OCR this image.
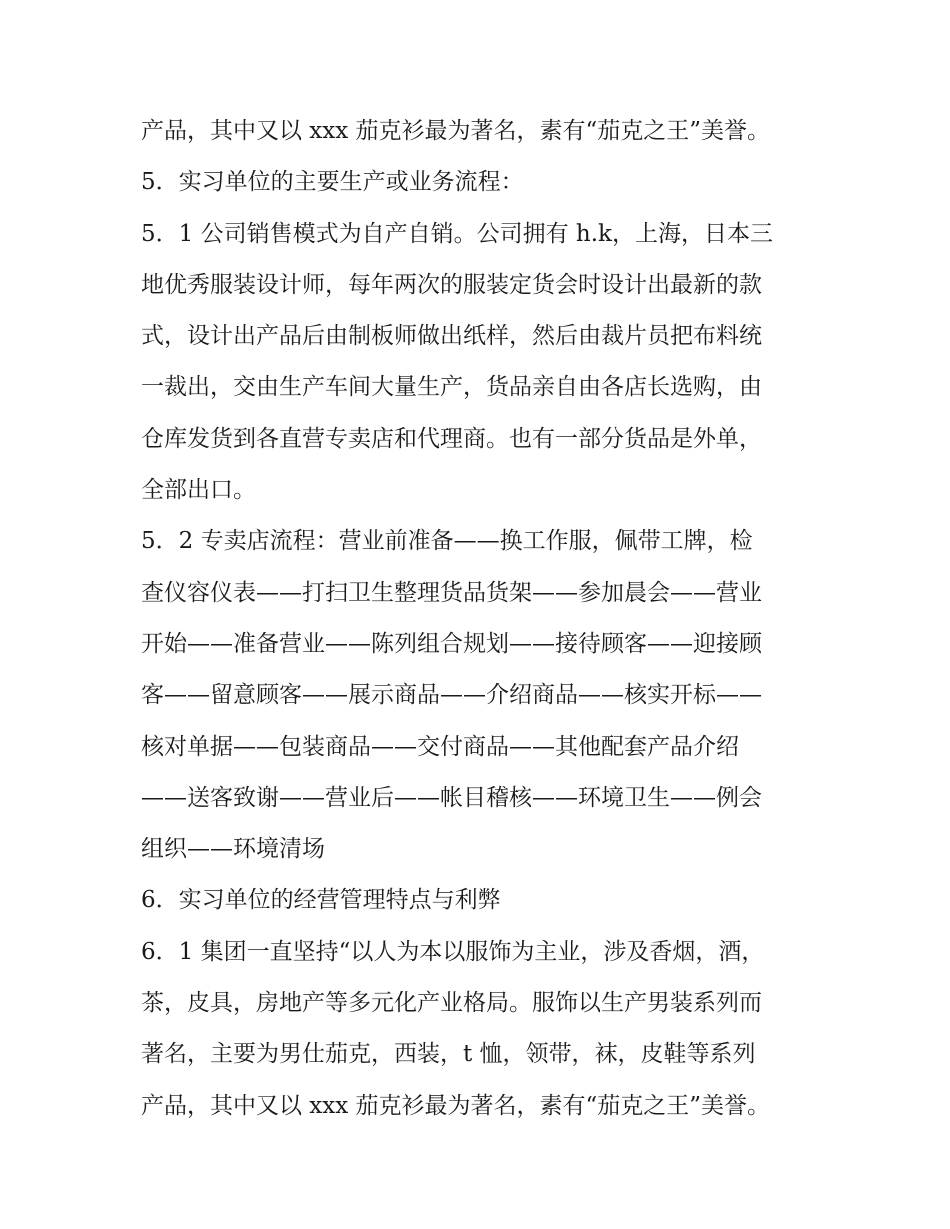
产品，其中又以 xxx 茄克衫最为著名，素有“茄克之王”美誉。
5．实习单位的主要生产或业务流程：
5．1 公司销售模式为自产自销。公司拥有 h.k，上海，日本三
地优秀服装设计师，每年两次的服装定货会时设计出最新的款
式，设计出产品后由制板师做出纸样，然后由裁片员把布料统
一裁出，交由生产车间大量生产，货品亲自由各店长选购，由
仓库发货到各直营专卖店和代理商。也有一部分货品是外单，
全部出口。
5．2 专卖店流程：营业前准备——换工作服，佩带工牌，检
查仪容仪表——打扫卫生整理货品货架——参加晨会——营业
开始——准备营业——陈列组合规划——接待顾客——迎接顾
客——留意顾客——展示商品——介绍商品——核实开标——
核对单据——包装商品——交付商品——其他配套产品介绍
——送客致谢——营业后——帐目稽核——环境卫生——例会
组织——环境清场
6．实习单位的经营管理特点与利弊
6．1 集团一直坚持“以人为本以服饰为主业，涉及香烟，酒，
茶，皮具，房地产等多元化产业格局。服饰以生产男装系列而
著名，主要为男仕茄克，西装，t 恤，领带，袜，皮鞋等系列
产品，其中又以 xxx 茄克衫最为著名，素有“茄克之王”美誉。
